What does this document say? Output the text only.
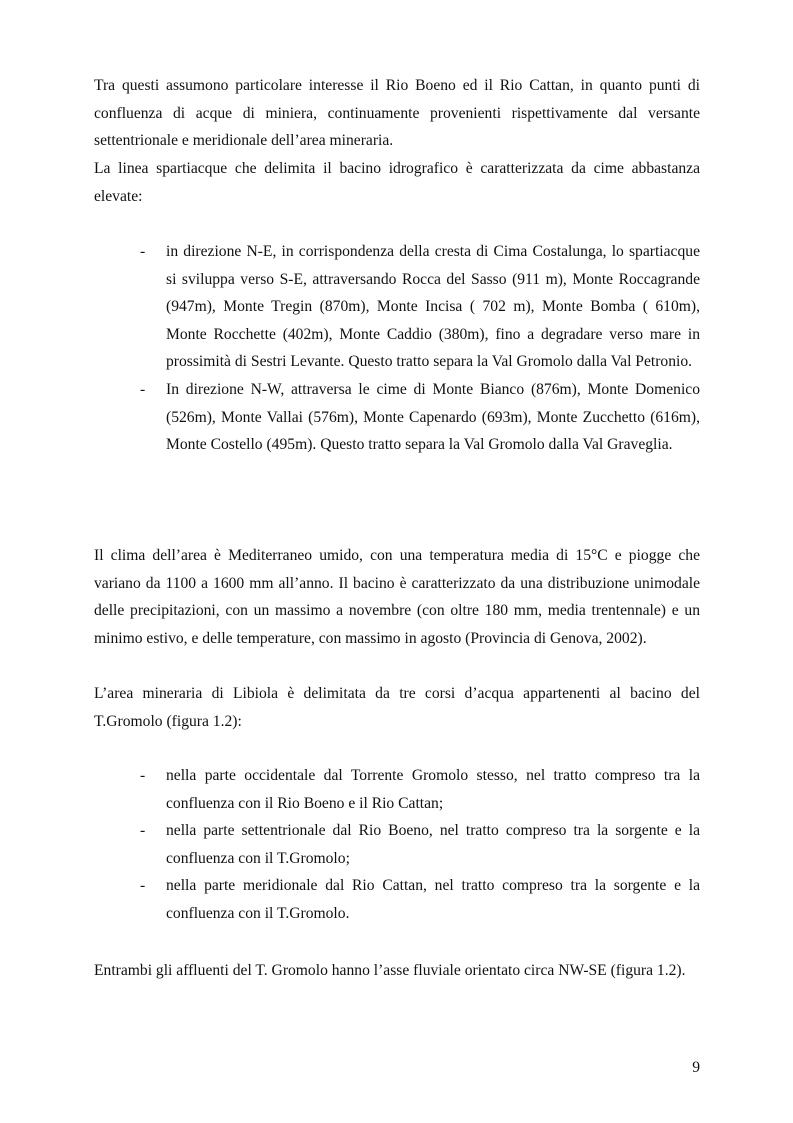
Tra questi assumono particolare interesse il Rio Boeno ed il Rio Cattan, in quanto punti di confluenza di acque di miniera, continuamente provenienti rispettivamente dal versante settentrionale e meridionale dell’area mineraria.

La linea spartiacque che delimita il bacino idrografico è caratterizzata da cime abbastanza elevate:

- in direzione N-E, in corrispondenza della cresta di Cima Costalunga, lo spartiacque si sviluppa verso S-E, attraversando Rocca del Sasso (911 m), Monte Roccagrande (947m), Monte Tregin (870m), Monte Incisa ( 702 m), Monte Bomba ( 610m), Monte Rocchette (402m), Monte Caddio (380m), fino a degradare verso mare in prossimità di Sestri Levante. Questo tratto separa la Val Gromolo dalla Val Petronio.
- In direzione N-W, attraversa le cime di Monte Bianco (876m), Monte Domenico (526m), Monte Vallai (576m), Monte Capenardo (693m), Monte Zucchetto (616m), Monte Costello (495m). Questo tratto separa la Val Gromolo dalla Val Graveglia.

Il clima dell’area è Mediterraneo umido, con una temperatura media di 15°C e piogge che variano da 1100 a 1600 mm all’anno. Il bacino è caratterizzato da una distribuzione unimodale delle precipitazioni, con un massimo a novembre (con oltre 180 mm, media trentennale) e un minimo estivo, e delle temperature, con massimo in agosto (Provincia di Genova, 2002).

L’area mineraria di Libiola è delimitata da tre corsi d’acqua appartenenti al bacino del T.Gromolo (figura 1.2):

- nella parte occidentale dal Torrente Gromolo stesso, nel tratto compreso tra la confluenza con il Rio Boeno e il Rio Cattan;
- nella parte settentrionale dal Rio Boeno, nel tratto compreso tra la sorgente e la confluenza con il T.Gromolo;
- nella parte meridionale dal Rio Cattan, nel tratto compreso tra la sorgente e la confluenza con il T.Gromolo.

Entrambi gli affluenti del T. Gromolo hanno l’asse fluviale orientato circa NW-SE (figura 1.2).

9
